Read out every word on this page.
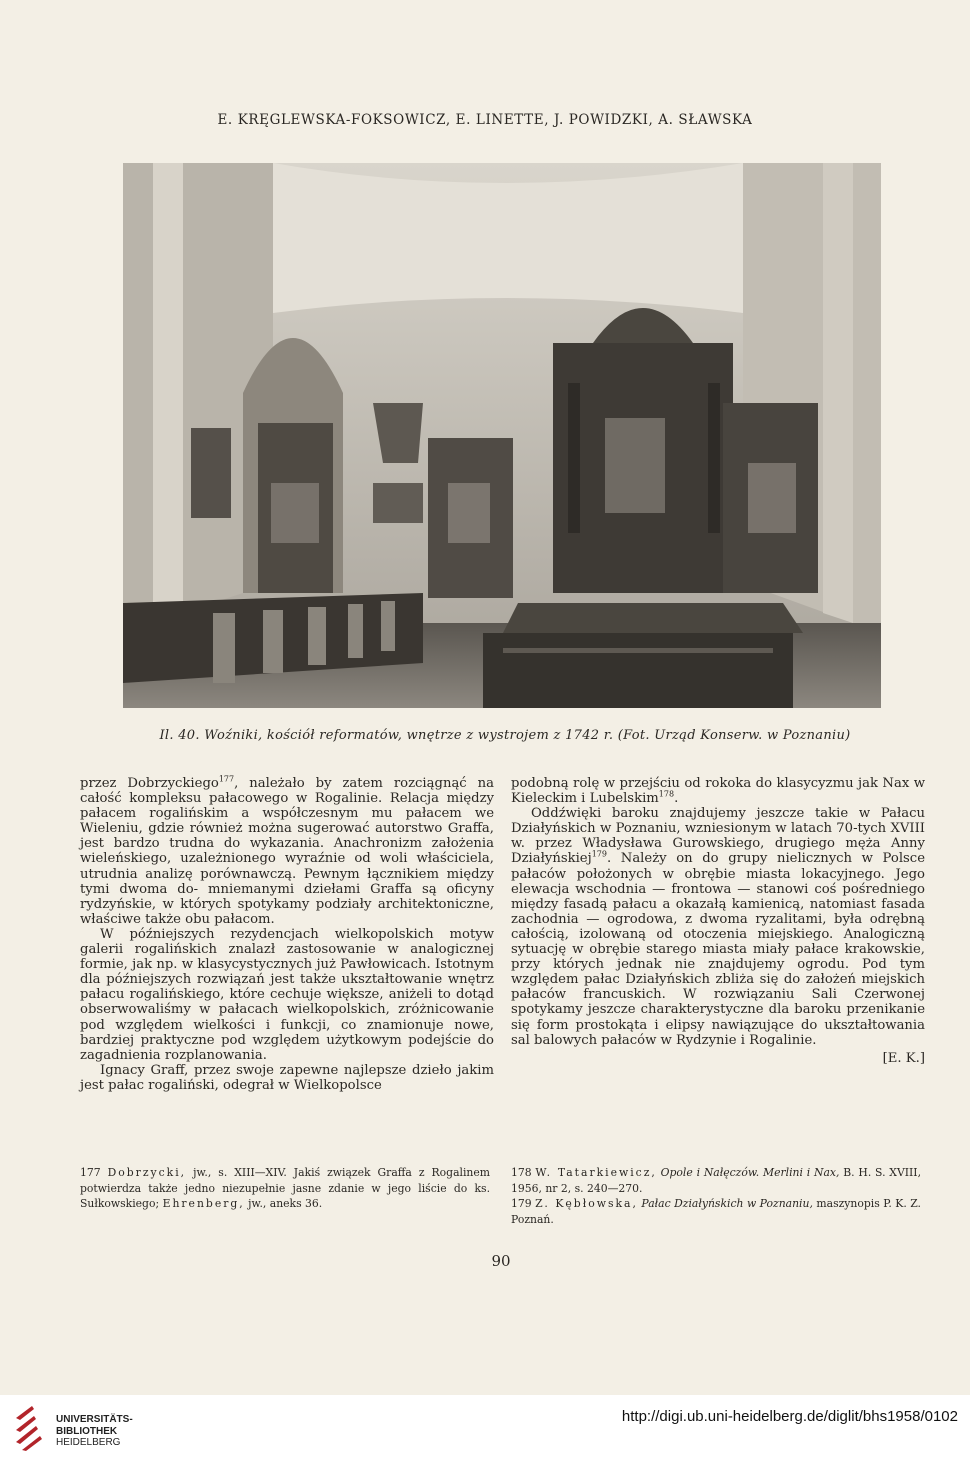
E. KRĘGLEWSKA-FOKSOWICZ, E. LINETTE, J. POWIDZKI, A. SŁAWSKA
Il. 40. Woźniki, kościół reformatów, wnętrze z wystrojem z 1742 r. (Fot. Urząd Konserw. w Poznaniu)

przez Dobrzyckiego$^{177}$, należało by zatem rozciągnąć na całość kompleksu pałacowego w Rogalinie. Relacja między pałacem rogalińskim a współczesnym mu pałacem we Wieleniu, gdzie również można sugerować autorstwo Graffa, jest bardzo trudna do wykazania. Anachronizm założenia wieleńskiego, uzależnionego wyraźnie od woli właściciela, utrudnia analizę porównawczą. Pewnym łącznikiem między tymi dwoma do- mniemanymi dziełami Graffa są oficyny rydzyńskie, w których spotykamy podziały architektoniczne, właściwe także obu pałacom.

W późniejszych rezydencjach wielkopolskich motyw galerii rogalińskich znalazł zastosowanie w analogicznej formie, jak np. w klasycystycznych już Pawłowicach. Istotnym dla późniejszych rozwiązań jest także ukształtowanie wnętrz pałacu rogalińskiego, które cechuje większe, aniżeli to dotąd obserwowaliśmy w pałacach wielkopolskich, zróżnicowanie pod względem wielkości i funkcji, co znamionuje nowe, bardziej praktyczne pod względem użytkowym podejście do zagadnienia rozplanowania.

Ignacy Graff, przez swoje zapewne najlepsze dzieło jakim jest pałac rogaliński, odegrał w Wielkopolsce

podobną rolę w przejściu od rokoka do klasycyzmu jak Nax w Kieleckim i Lubelskim$^{178}$.

Oddźwięki baroku znajdujemy jeszcze takie w Pałacu Działyńskich w Poznaniu, wzniesionym w latach 70-tych XVIII w. przez Władysława Gurowskiego, drugiego męża Anny Działyńskiej$^{179}$. Należy on do grupy nielicznych w Polsce pałaców położonych w obrębie miasta lokacyjnego. Jego elewacja wschodnia — frontowa — stanowi coś pośredniego między fasadą pałacu a okazałą kamienicą, natomiast fasada zachodnia — ogrodowa, z dwoma ryzalitami, była odrębną całością, izolowaną od otoczenia miejskiego. Analogiczną sytuację w obrębie starego miasta miały pałace krakowskie, przy których jednak nie znajdujemy ogrodu. Pod tym względem pałac Działyńskich zbliża się do założeń miejskich pałaców francuskich. W rozwiązaniu Sali Czerwonej spotykamy jeszcze charakterystyczne dla baroku przenikanie się form prostokąta i elipsy nawiązujące do ukształtowania sal balowych pałaców w Rydzynie i Rogalinie.

[E. K.]

177 Dobrzycki, jw., s. XIII—XIV. Jakiś związek Graffa z Rogalinem potwierdza także jedno niezupełnie jasne zdanie w jego liście do ks. Sułkowskiego; Ehrenberg, jw., aneks 36.

178 W. Tatarkiewicz, Opole i Nałęczów. Merlini i Nax, B. H. S. XVIII, 1956, nr 2, s. 240—270.

179 Z. Kębłowska, Pałac Działyńskich w Poznaniu, maszynopis P. K. Z. Poznań.

90
UNIVERSITÄTS-
BIBLIOTHEK
HEIDELBERG
http://digi.ub.uni-heidelberg.de/diglit/bhs1958/0102
